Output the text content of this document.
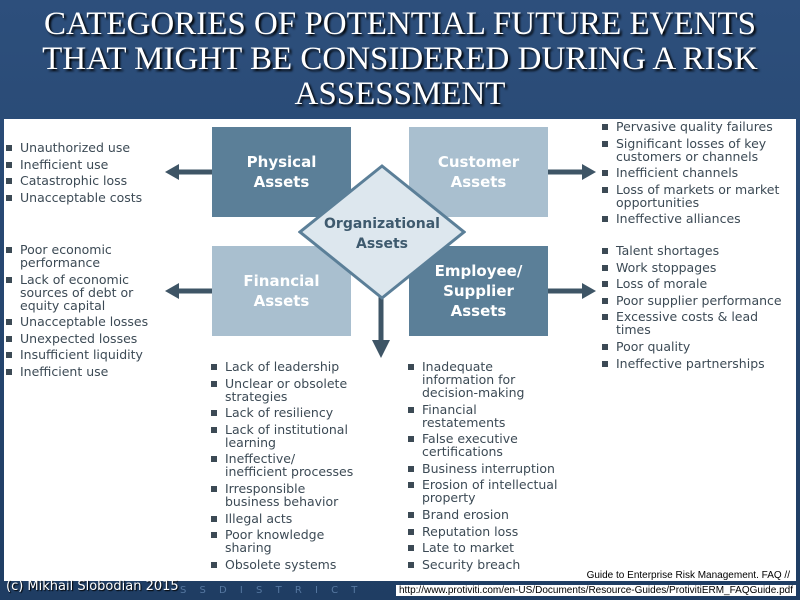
CATEGORIES OF POTENTIAL FUTURE EVENTS THAT MIGHT BE CONSIDERED DURING A RISK ASSESSMENT
Physical
Assets
Customer
Assets
Financial
Assets
Employee/
Supplier
Assets
Organizational
Assets
Unauthorized use
Inefficient use
Catastrophic loss
Unacceptable costs
Poor economic performance
Lack of economic sources of debt or equity capital
Unacceptable losses
Unexpected losses
Insufficient liquidity
Inefficient use
Pervasive quality failures
Significant losses of key customers or channels
Inefficient channels
Loss of markets or market opportunities
Ineffective alliances
Talent shortages
Work stoppages
Loss of morale
Poor supplier performance
Excessive costs & lead times
Poor quality
Ineffective partnerships
Lack of leadership
Unclear or obsolete strategies
Lack of resiliency
Lack of institutional learning
Ineffective/ inefficient processes
Irresponsible business behavior
Illegal acts
Poor knowledge sharing
Obsolete systems
Inadequate information for decision-making
Financial restatements
False executive certifications
Business interruption
Erosion of intellectual property
Brand erosion
Reputation loss
Late to market
Security breach
S S D I S T R I C T
(c) Mikhail Slobodian 2015
Guide to Enterprise Risk Management. FAQ //
http://www.protiviti.com/en-US/Documents/Resource-Guides/ProtivitiERM_FAQGuide.pdf
